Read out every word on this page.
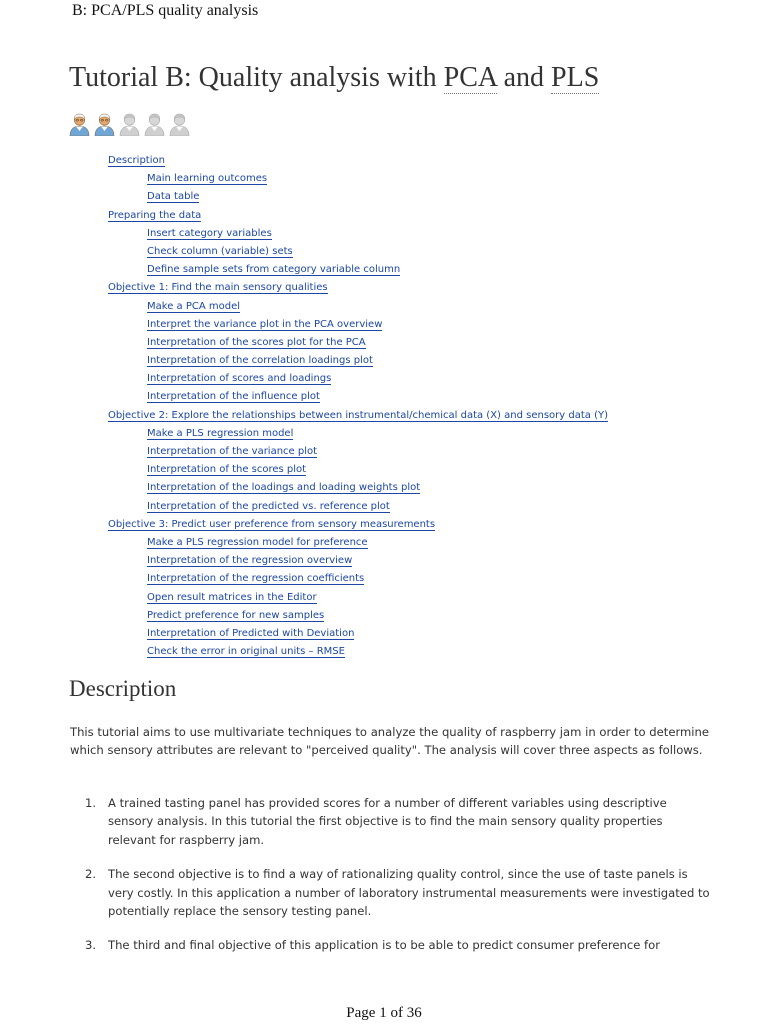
B: PCA/PLS quality analysis
Tutorial B: Quality analysis with PCA and PLS
Description
Main learning outcomes
Data table
Preparing the data
Insert category variables
Check column (variable) sets
Define sample sets from category variable column
Objective 1: Find the main sensory qualities
Make a PCA model
Interpret the variance plot in the PCA overview
Interpretation of the scores plot for the PCA
Interpretation of the correlation loadings plot
Interpretation of scores and loadings
Interpretation of the influence plot
Objective 2: Explore the relationships between instrumental/chemical data (X) and sensory data (Y)
Make a PLS regression model
Interpretation of the variance plot
Interpretation of the scores plot
Interpretation of the loadings and loading weights plot
Interpretation of the predicted vs. reference plot
Objective 3: Predict user preference from sensory measurements
Make a PLS regression model for preference
Interpretation of the regression overview
Interpretation of the regression coefficients
Open result matrices in the Editor
Predict preference for new samples
Interpretation of Predicted with Deviation
Check the error in original units – RMSE
Description

This tutorial aims to use multivariate techniques to analyze the quality of raspberry jam in order to determine which sensory attributes are relevant to "perceived quality". The analysis will cover three aspects as follows.

1. A trained tasting panel has provided scores for a number of different variables using descriptive sensory analysis. In this tutorial the first objective is to find the main sensory quality properties relevant for raspberry jam.
2. The second objective is to find a way of rationalizing quality control, since the use of taste panels is very costly. In this application a number of laboratory instrumental measurements were investigated to potentially replace the sensory testing panel.
3. The third and final objective of this application is to be able to predict consumer preference for
Page 1 of 36
